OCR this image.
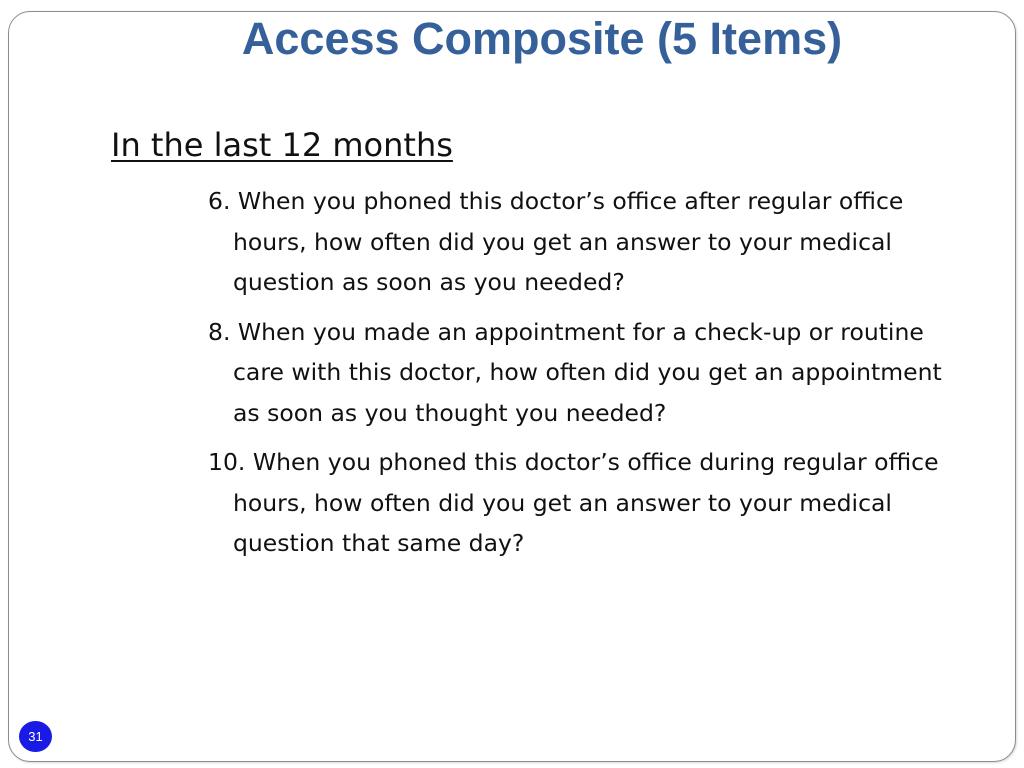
Access Composite (5 Items)
In the last 12 months
6. When you phoned this doctor’s office after regular office hours, how often did you get an answer to your medical question as soon as you needed?
8. When you made an appointment for a check-up or routine care with this doctor, how often did you get an appointment as soon as you thought you needed?
10. When you phoned this doctor’s office during regular office hours, how often did you get an answer to your medical question that same day?
31
